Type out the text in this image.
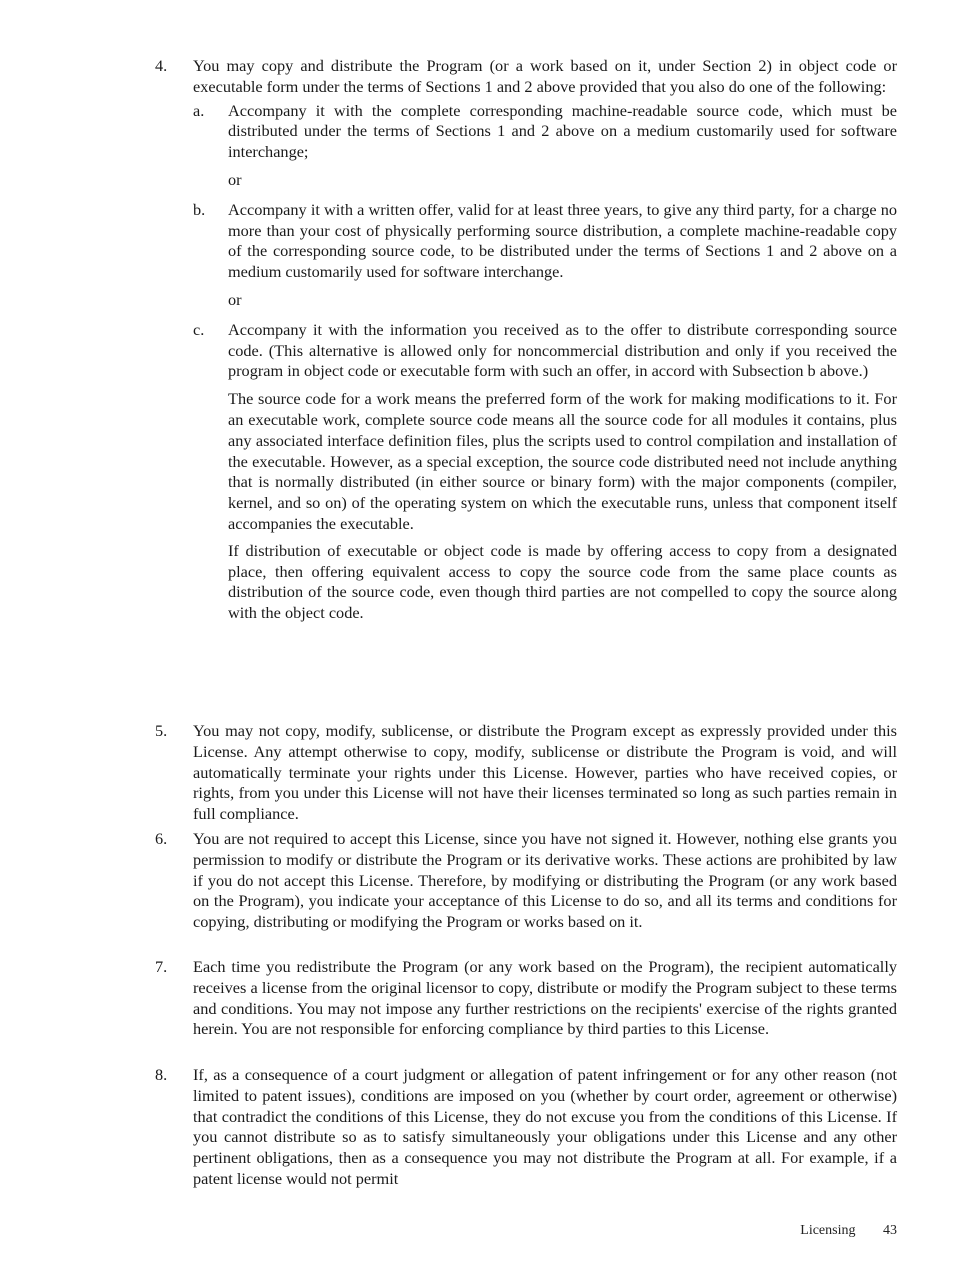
4.	You may copy and distribute the Program (or a work based on it, under Section 2) in object code or executable form under the terms of Sections 1 and 2 above provided that you also do one of the following:

a.	Accompany it with the complete corresponding machine-readable source code, which must be distributed under the terms of Sections 1 and 2 above on a medium customarily used for software interchange;

or

b.	Accompany it with a written offer, valid for at least three years, to give any third party, for a charge no more than your cost of physically performing source distribution, a complete machine-readable copy of the corresponding source code, to be distributed under the terms of Sections 1 and 2 above on a medium customarily used for software interchange.

or

c.	Accompany it with the information you received as to the offer to distribute corresponding source code. (This alternative is allowed only for noncommercial distribution and only if you received the program in object code or executable form with such an offer, in accord with Subsection b above.)

The source code for a work means the preferred form of the work for making modifications to it. For an executable work, complete source code means all the source code for all modules it contains, plus any associated interface definition files, plus the scripts used to control compilation and installation of the executable. However, as a special exception, the source code distributed need not include anything that is normally distributed (in either source or binary form) with the major components (compiler, kernel, and so on) of the operating system on which the executable runs, unless that component itself accompanies the executable.

If distribution of executable or object code is made by offering access to copy from a designated place, then offering equivalent access to copy the source code from the same place counts as distribution of the source code, even though third parties are not compelled to copy the source along with the object code.

5.	You may not copy, modify, sublicense, or distribute the Program except as expressly provided under this License. Any attempt otherwise to copy, modify, sublicense or distribute the Program is void, and will automatically terminate your rights under this License. However, parties who have received copies, or rights, from you under this License will not have their licenses terminated so long as such parties remain in full compliance.

6.	You are not required to accept this License, since you have not signed it. However, nothing else grants you permission to modify or distribute the Program or its derivative works. These actions are prohibited by law if you do not accept this License. Therefore, by modifying or distributing the Program (or any work based on the Program), you indicate your acceptance of this License to do so, and all its terms and conditions for copying, distributing or modifying the Program or works based on it.

7.	Each time you redistribute the Program (or any work based on the Program), the recipient automatically receives a license from the original licensor to copy, distribute or modify the Program subject to these terms and conditions. You may not impose any further restrictions on the recipients' exercise of the rights granted herein. You are not responsible for enforcing compliance by third parties to this License.

8.	If, as a consequence of a court judgment or allegation of patent infringement or for any other reason (not limited to patent issues), conditions are imposed on you (whether by court order, agreement or otherwise) that contradict the conditions of this License, they do not excuse you from the conditions of this License. If you cannot distribute so as to satisfy simultaneously your obligations under this License and any other pertinent obligations, then as a consequence you may not distribute the Program at all. For example, if a patent license would not permit

Licensing 43
